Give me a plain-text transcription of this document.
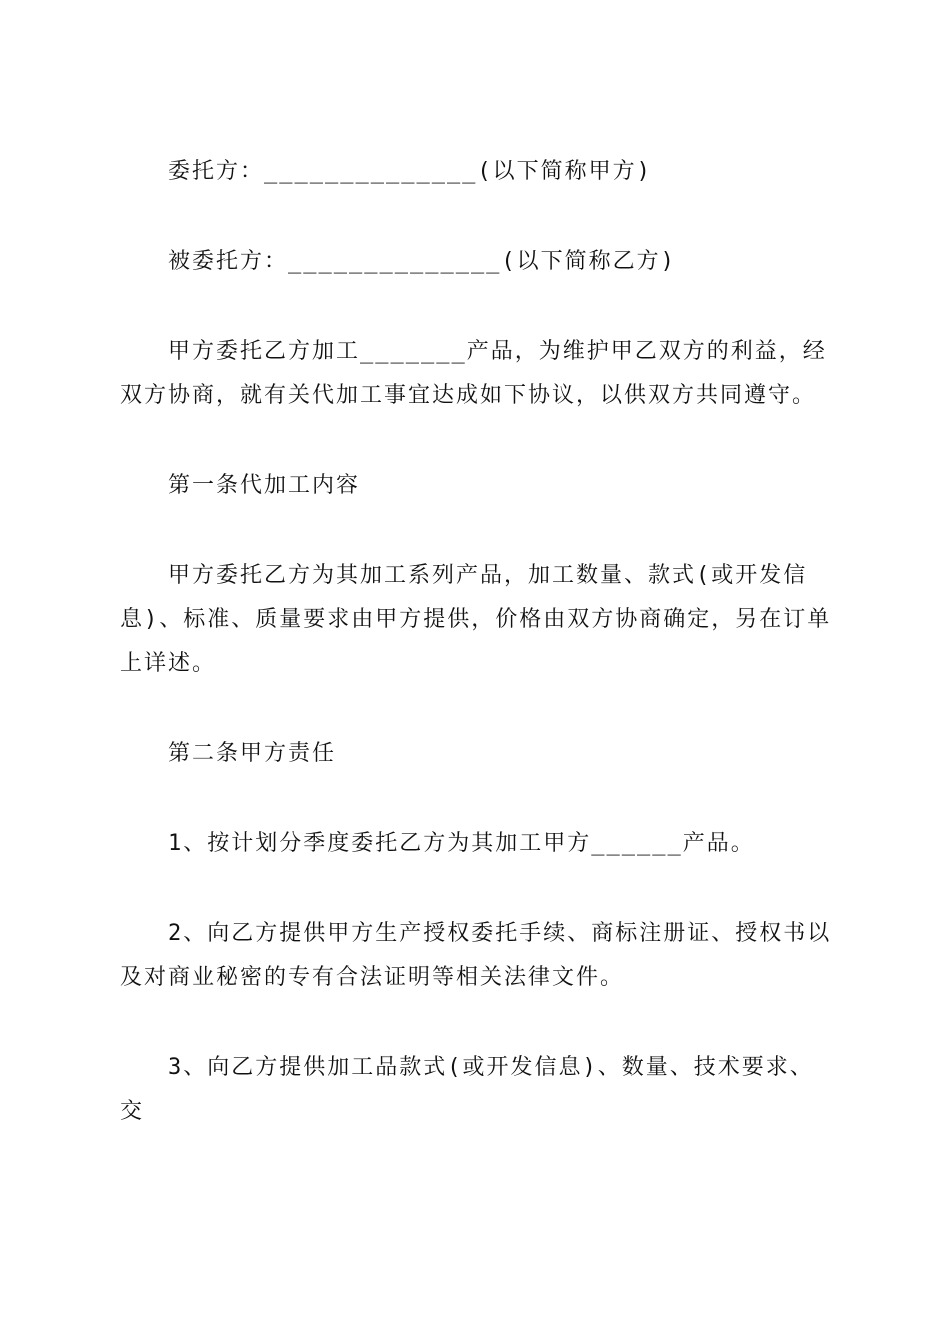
委托方：______________(以下简称甲方)

被委托方：______________(以下简称乙方)

甲方委托乙方加工_______产品，为维护甲乙双方的利益，经双方协商，就有关代加工事宜达成如下协议，以供双方共同遵守。

第一条代加工内容

甲方委托乙方为其加工系列产品，加工数量、款式(或开发信息)、标准、质量要求由甲方提供，价格由双方协商确定，另在订单上详述。

第二条甲方责任

1、按计划分季度委托乙方为其加工甲方______产品。

2、向乙方提供甲方生产授权委托手续、商标注册证、授权书以及对商业秘密的专有合法证明等相关法律文件。

3、向乙方提供加工品款式(或开发信息)、数量、技术要求、交
